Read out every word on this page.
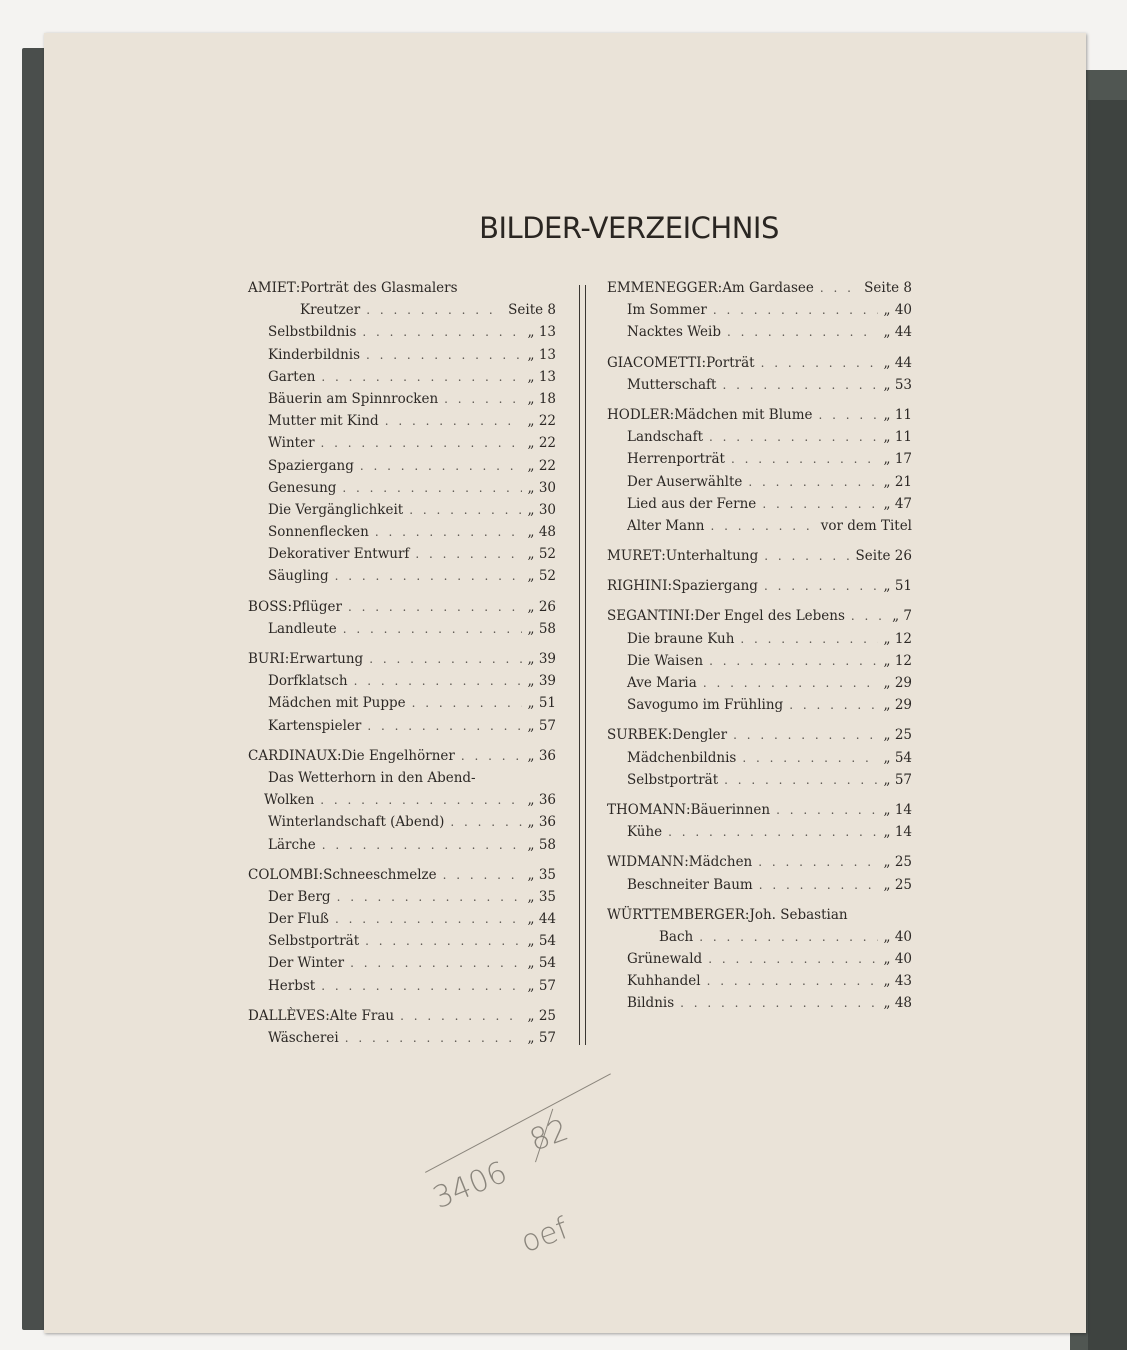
BILDER-VERZEICHNIS
AMIET : Porträt des Glasmalers
Kreutzer . . .	Seite 8
Selbstbildnis . . .	„ 13
Kinderbildnis . . .	„ 13
Garten . . .	„ 13
Bäuerin am Spinnrocken . . .	„ 18
Mutter mit Kind . . .	„ 22
Winter . . .	„ 22
Spaziergang . . .	„ 22
Genesung . . .	„ 30
Die Vergänglichkeit . . .	„ 30
Sonnenflecken . . .	„ 48
Dekorativer Entwurf . . .	„ 52
Säugling . . .	„ 52
BOSS : Pflüger . . .	„ 26
Landleute . . .	„ 58
BURI : Erwartung . . .	„ 39
Dorfklatsch . . .	„ 39
Mädchen mit Puppe . . .	„ 51
Kartenspieler . . .	„ 57
CARDINAUX : Die Engelhörner . . .	„ 36
Das Wetterhorn in den Abend-
Wolken . . .	„ 36
Winterlandschaft (Abend) . . .	„ 36
Lärche . . .	„ 58
COLOMBI : Schneeschmelze . . .	„ 35
Der Berg . . .	„ 35
Der Fluß . . .	„ 44
Selbstporträt . . .	„ 54
Der Winter . . .	„ 54
Herbst . . .	„ 57
DALLÈVES : Alte Frau . . .	„ 25
Wäscherei . . .	„ 57
EMMENEGGER : Am Gardasee . . .	Seite 8
Im Sommer . . .	„ 40
Nacktes Weib . . .	„ 44
GIACOMETTI : Porträt . . .	„ 44
Mutterschaft . . .	„ 53
HODLER : Mädchen mit Blume . . .	„ 11
Landschaft . . .	„ 11
Herrenporträt . . .	„ 17
Der Auserwählte . . .	„ 21
Lied aus der Ferne . . .	„ 47
Alter Mann . . .	vor dem Titel
MURET : Unterhaltung . . .	Seite 26
RIGHINI : Spaziergang . . .	„ 51
SEGANTINI : Der Engel des Lebens . . .	„ 7
Die braune Kuh . . .	„ 12
Die Waisen . . .	„ 12
Ave Maria . . .	„ 29
Savogumo im Frühling . . .	„ 29
SURBEK : Dengler . . .	„ 25
Mädchenbildnis . . .	„ 54
Selbstporträt . . .	„ 57
THOMANN : Bäuerinnen . . .	„ 14
Kühe . . .	„ 14
WIDMANN : Mädchen . . .	„ 25
Beschneiter Baum . . .	„ 25
WÜRTTEMBERGER : Joh. Sebastian
Bach . . .	„ 40
Grünewald . . .	„ 40
Kuhhandel . . .	„ 43
Bildnis . . .	„ 48
3406
82
oef
